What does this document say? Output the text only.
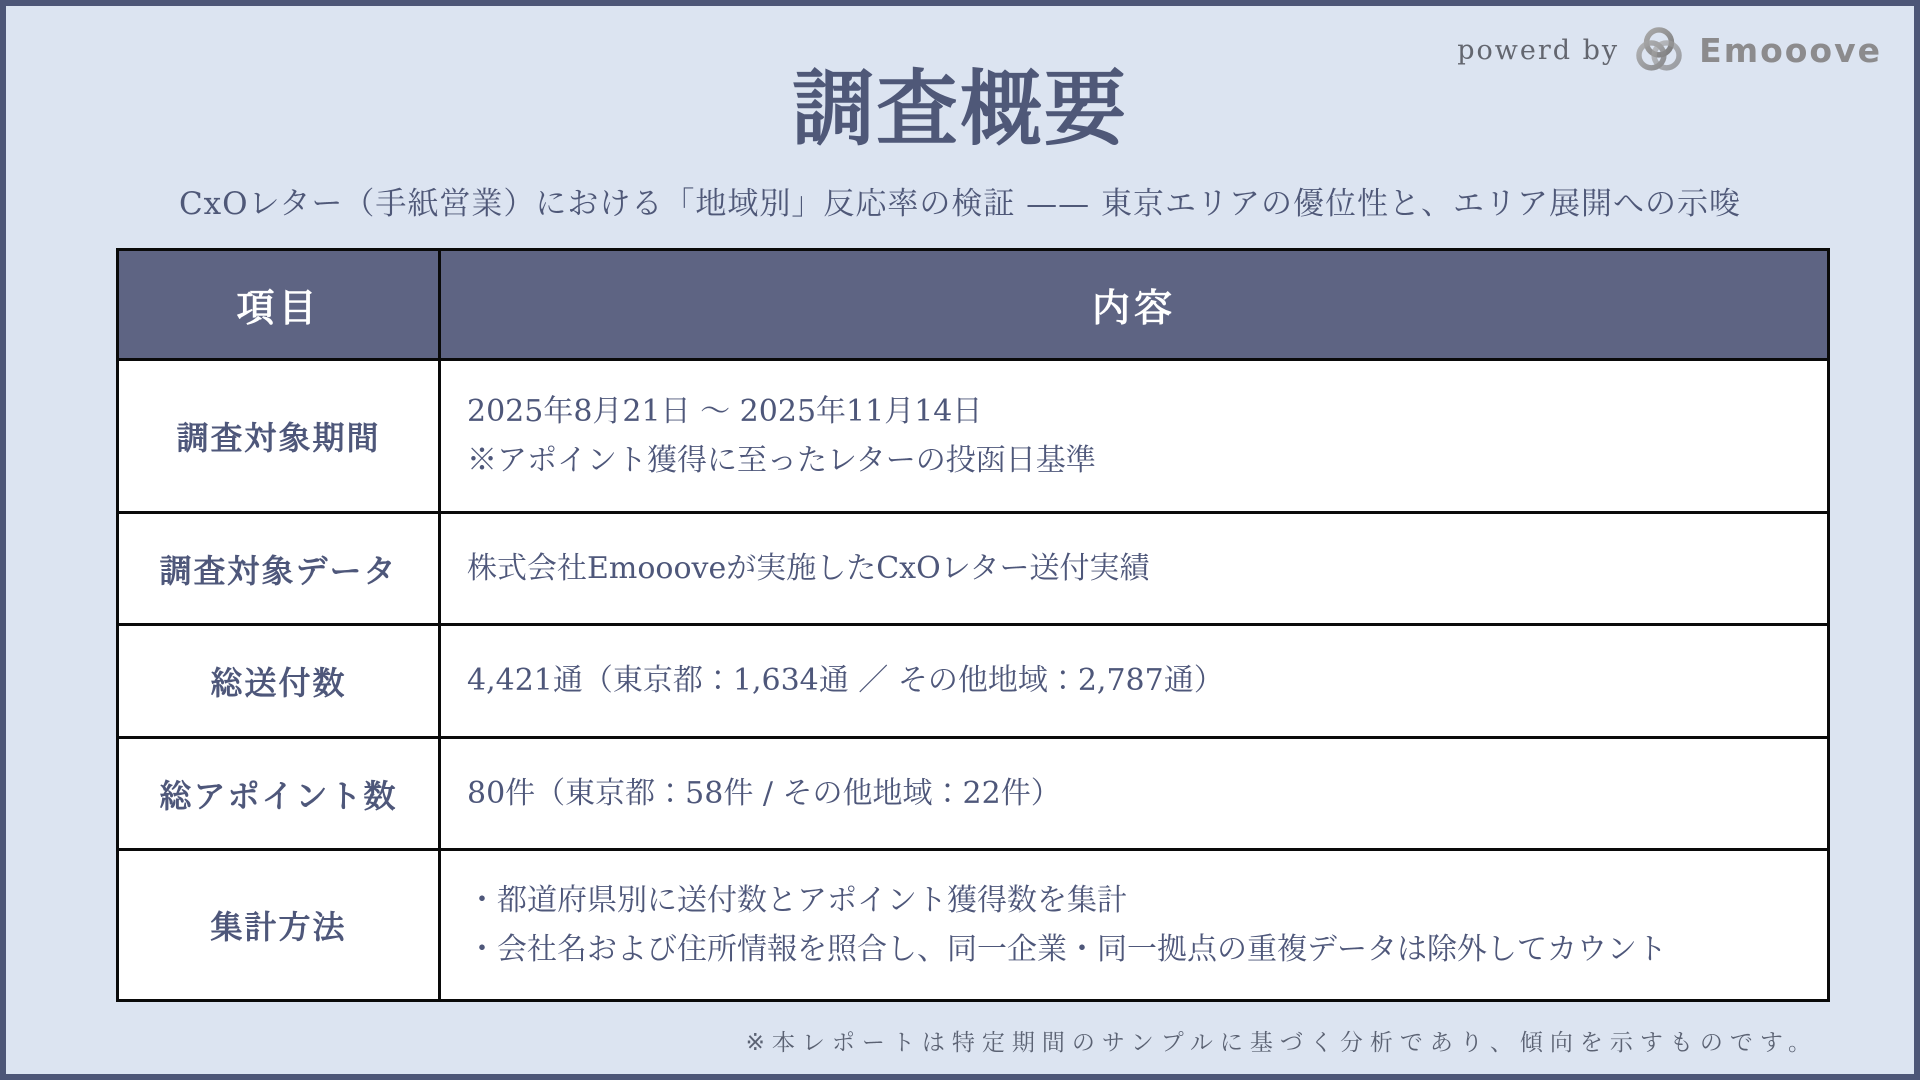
powerd by Emooove
調査概要
CxOレター（手紙営業）における「地域別」反応率の検証 —— 東京エリアの優位性と、エリア展開への示唆
項目	内容
調査対象期間	2025年8月21日 〜 2025年11月14日
※アポイント獲得に至ったレターの投函日基準

調査対象データ	株式会社Emoooveが実施したCxOレター送付実績

総送付数	4,421通（東京都：1,634通 ／ その他地域：2,787通）

総アポイント数	80件（東京都：58件 / その他地域：22件）

集計方法	・都道府県別に送付数とアポイント獲得数を集計
・会社名および住所情報を照合し、同一企業・同一拠点の重複データは除外してカウント
※本レポートは特定期間のサンプルに基づく分析であり、傾向を示すものです。
